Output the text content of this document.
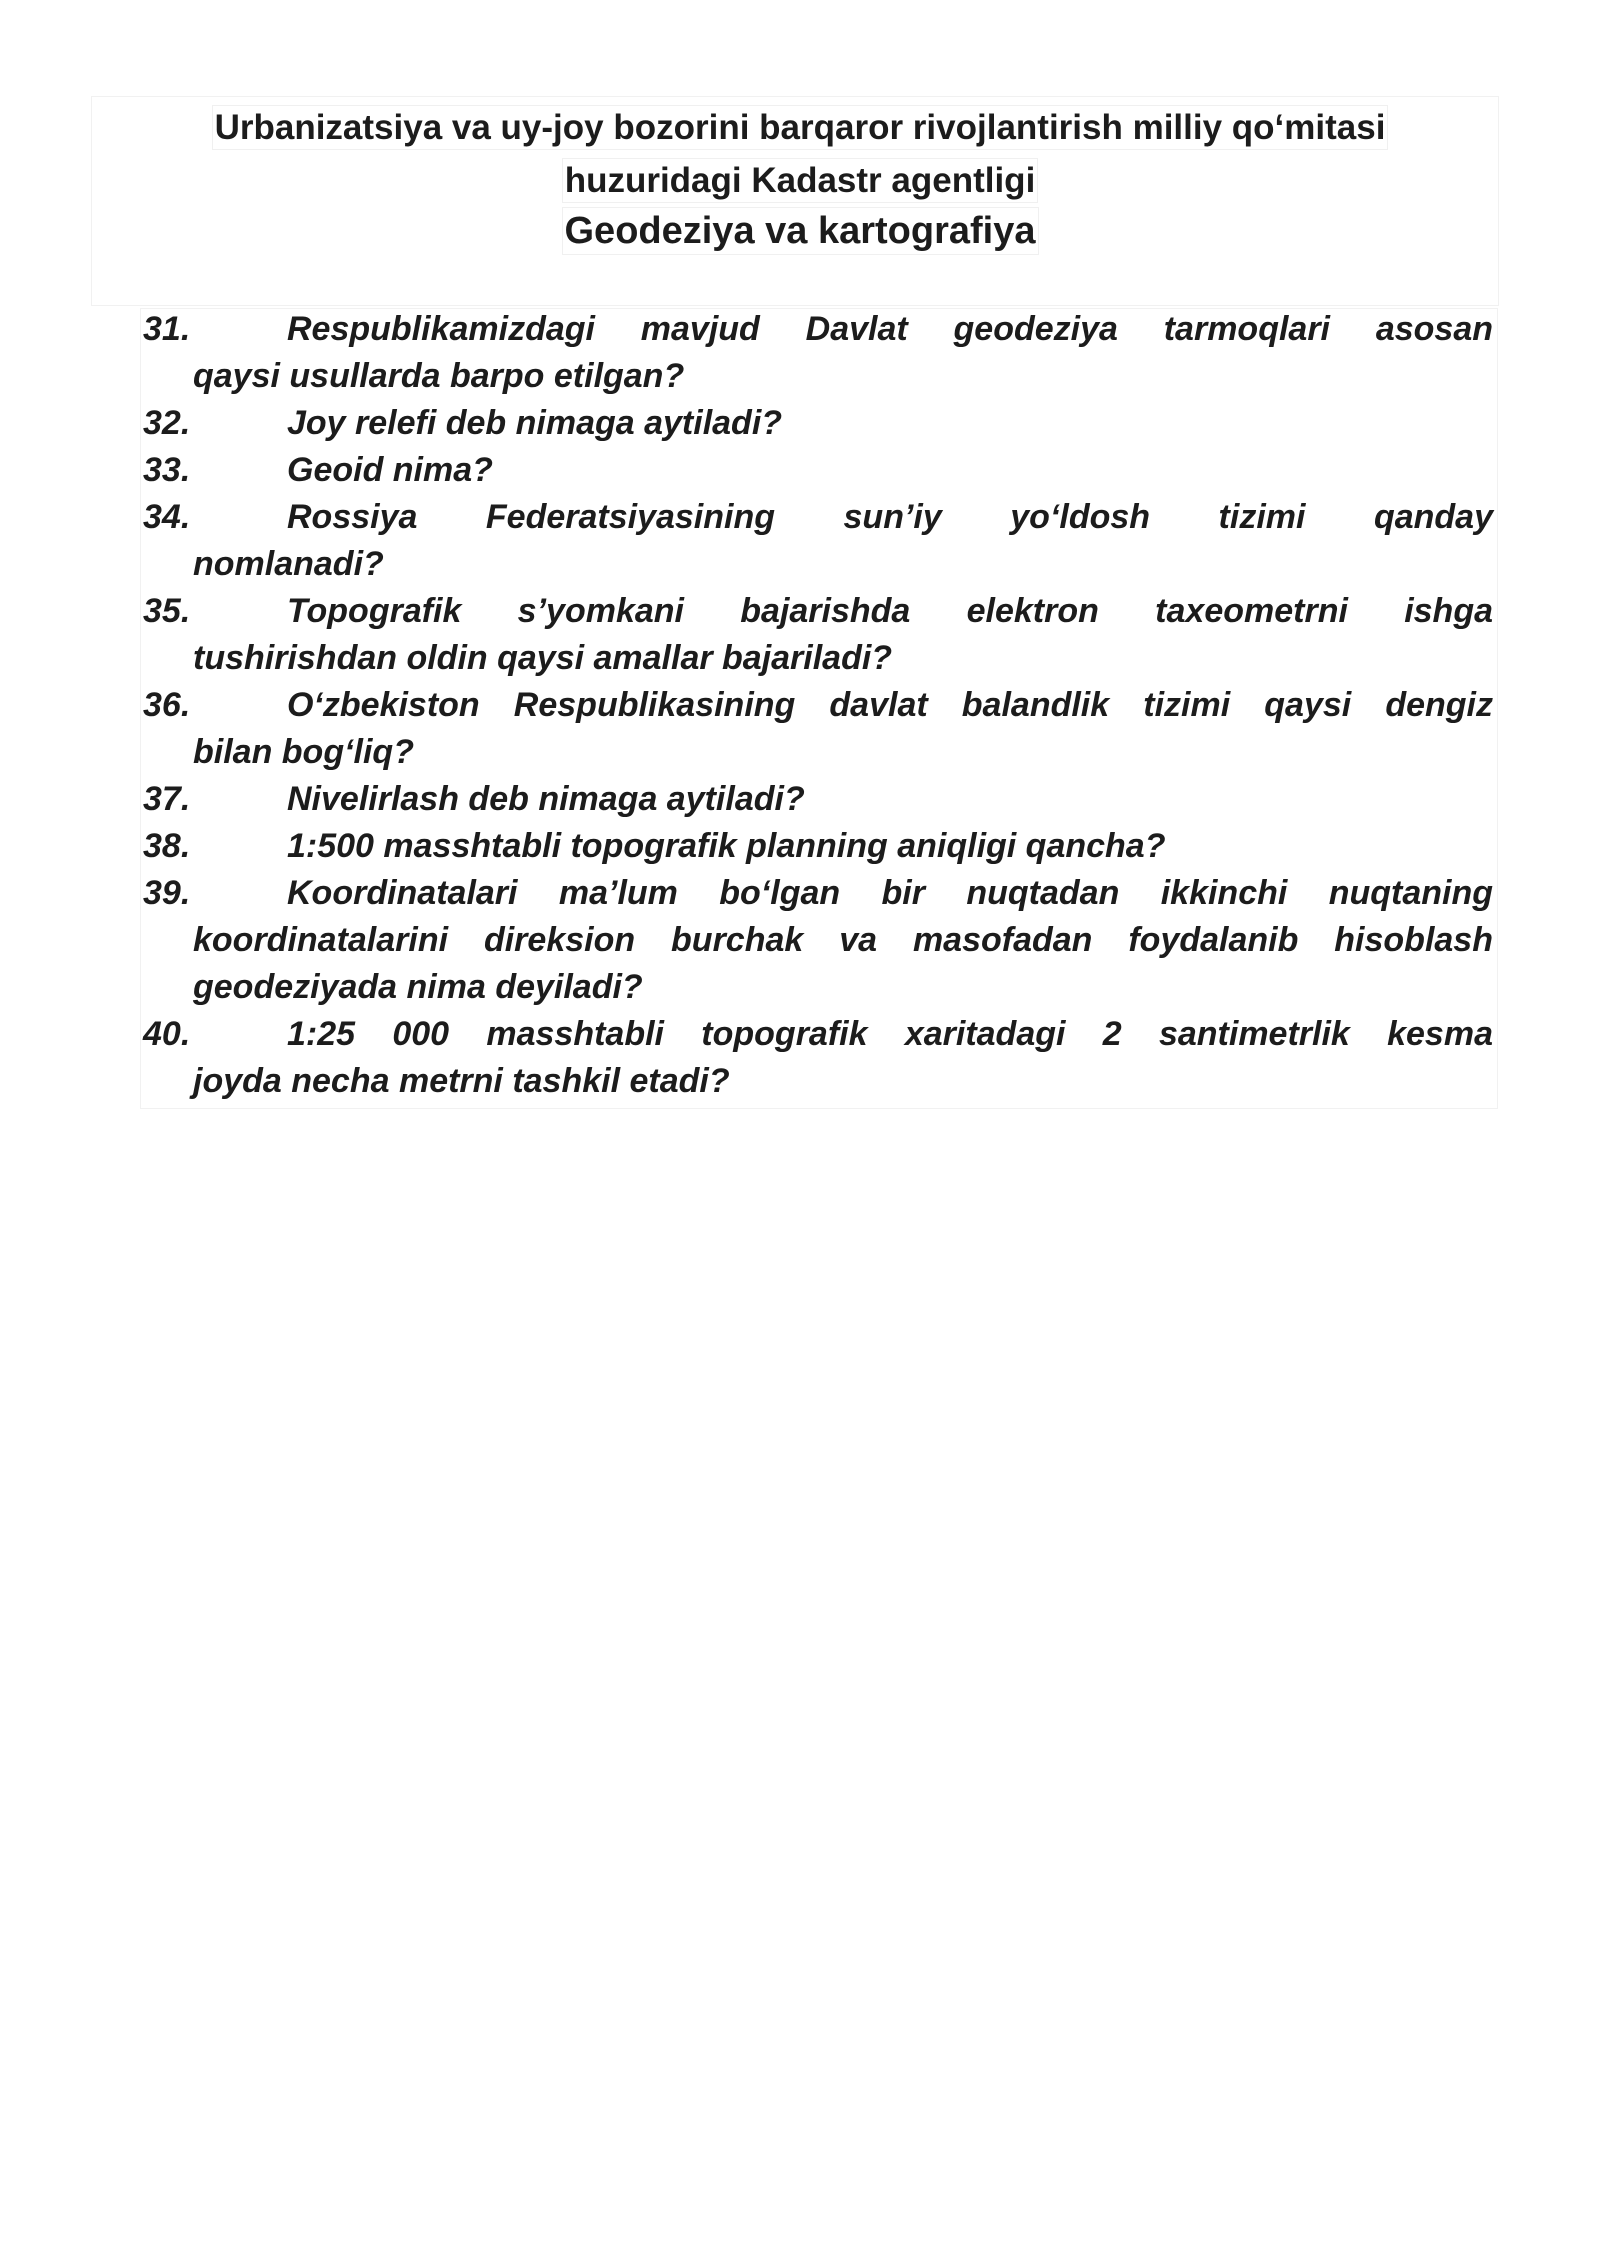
Urbanizatsiya va uy-joy bozorini barqaror rivojlantirish milliy qo‘mitasi
huzuridagi Kadastr agentligi
Geodeziya va kartografiya
31.	Respublikamizdagi mavjud Davlat geodeziya tarmoqlari asosan
qaysi usullarda barpo etilgan?
32.	Joy relefi deb nimaga aytiladi?
33.	Geoid nima?
34.	Rossiya Federatsiyasining sun’iy yo‘ldosh tizimi qanday
nomlanadi?
35.	Topografik s’yomkani bajarishda elektron taxeometrni ishga
tushirishdan oldin qaysi amallar bajariladi?
36.	O‘zbekiston Respublikasining davlat balandlik tizimi qaysi dengiz
bilan bog‘liq?
37.	Nivelirlash deb nimaga aytiladi?
38.	1:500 masshtabli topografik planning aniqligi qancha?
39.	Koordinatalari ma’lum bo‘lgan bir nuqtadan ikkinchi nuqtaning
koordinatalarini direksion burchak va masofadan foydalanib hisoblash
geodeziyada nima deyiladi?
40.	1:25 000 masshtabli topografik xaritadagi 2 santimetrlik kesma
joyda necha metrni tashkil etadi?
